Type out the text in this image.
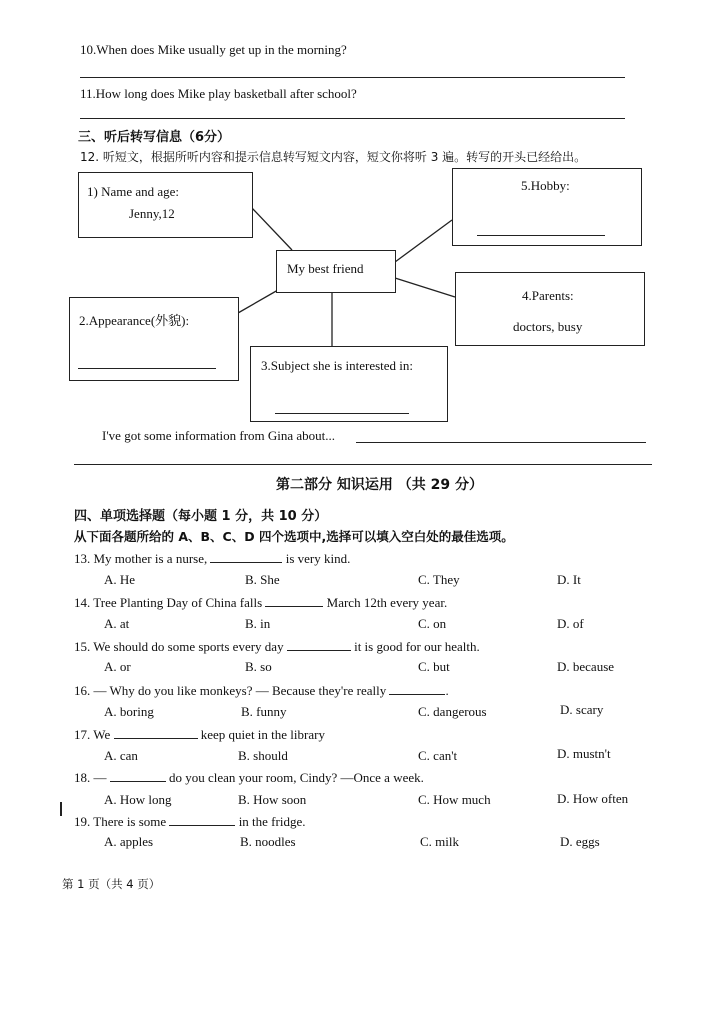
10.When does Mike usually get up in the morning?
11.How long does Mike play basketball after school?
三、听后转写信息（6分）
12. 听短文，根据所听内容和提示信息转写短文内容，短文你将听 3 遍。转写的开头已经给出。
1) Name and age:
Jenny,12
5.Hobby:
My best friend
2.Appearance(外貌):
4.Parents:
doctors, busy
3.Subject she is interested in:
I've got some information from Gina about...
第二部分 知识运用 （共 29 分）
四、单项选择题（每小题 1 分，共 10 分）
从下面各题所给的 A、B、C、D 四个选项中,选择可以填入空白处的最佳选项。
13. My mother is a nurse,	is very kind.
A. He	B. She	C. They	D. It
14. Tree Planting Day of China falls	March 12th every year.
A. at	B. in	C. on	D. of
15. We should do some sports every day	it is good for our health.
A. or	B. so	C. but	D. because
16. — Why do you like monkeys? — Because they're really	.
A. boring	B. funny	C. dangerous	D. scary
17. We	keep quiet in the library
A. can	B. should	C. can't	D. mustn't
18. —	do you clean your room, Cindy? —Once a week.
A. How long	B. How soon	C. How much	D. How often
19. There is some	in the fridge.
A. apples	B. noodles	C. milk	D. eggs
第 1 页（共 4 页）
